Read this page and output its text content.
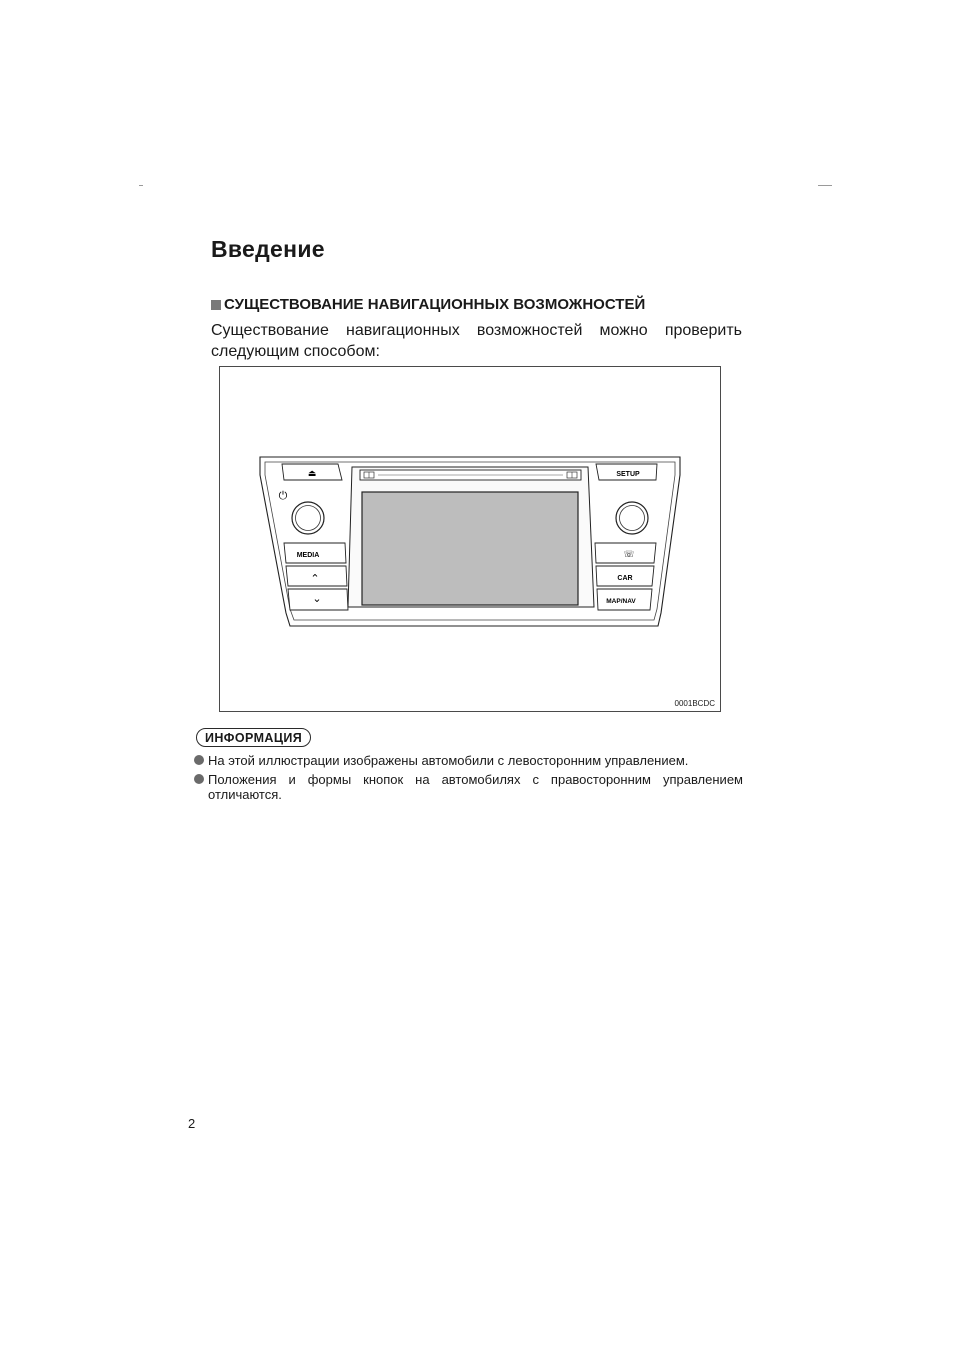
Введение
СУЩЕСТВОВАНИЕ НАВИГАЦИОННЫХ ВОЗМОЖНОСТЕЙ

Существование навигационных возможностей можно проверить следующим способом:

⏏	SETUP
⏻
MEDIA
⌃
⌄
☏
CAR
MAP/NAV
0001BCDC
ИНФОРМАЦИЯ
На этой иллюстрации изображены автомобили с левосторонним управлением.
Положения и формы кнопок на автомобилях с правосторонним управлением отличаются.
2
